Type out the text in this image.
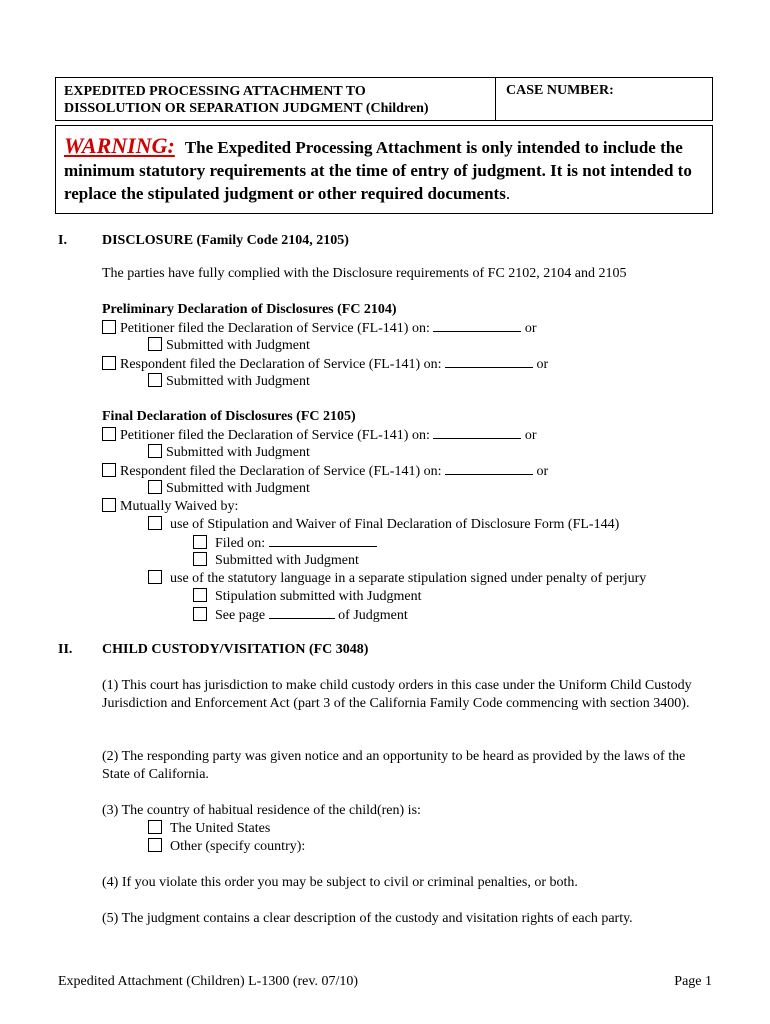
EXPEDITED PROCESSING ATTACHMENT TO
DISSOLUTION OR SEPARATION JUDGMENT (Children)
CASE NUMBER:
WARNING: The Expedited Processing Attachment is only intended to include the minimum statutory requirements at the time of entry of judgment. It is not intended to replace the stipulated judgment or other required documents.
I.	DISCLOSURE (Family Code 2104, 2105)
The parties have fully complied with the Disclosure requirements of FC 2102, 2104 and 2105
Preliminary Declaration of Disclosures (FC 2104)
Petitioner filed the Declaration of Service (FL-141) on:	or
Submitted with Judgment
Respondent filed the Declaration of Service (FL-141) on:	or
Submitted with Judgment
Final Declaration of Disclosures (FC 2105)
Petitioner filed the Declaration of Service (FL-141) on:	or
Submitted with Judgment
Respondent filed the Declaration of Service (FL-141) on:	or
Submitted with Judgment
Mutually Waived by:
use of Stipulation and Waiver of Final Declaration of Disclosure Form (FL-144)
Filed on:
Submitted with Judgment
use of the statutory language in a separate stipulation signed under penalty of perjury
Stipulation submitted with Judgment
See page	of Judgment
II. CHILD CUSTODY/VISITATION (FC 3048)
(1) This court has jurisdiction to make child custody orders in this case under the Uniform Child Custody Jurisdiction and Enforcement Act (part 3 of the California Family Code commencing with section 3400).
(2) The responding party was given notice and an opportunity to be heard as provided by the laws of the State of California.
(3) The country of habitual residence of the child(ren) is:
The United States
Other (specify country):
(4) If you violate this order you may be subject to civil or criminal penalties, or both.
(5) The judgment contains a clear description of the custody and visitation rights of each party.
Expedited Attachment (Children) L-1300 (rev. 07/10)	Page 1
